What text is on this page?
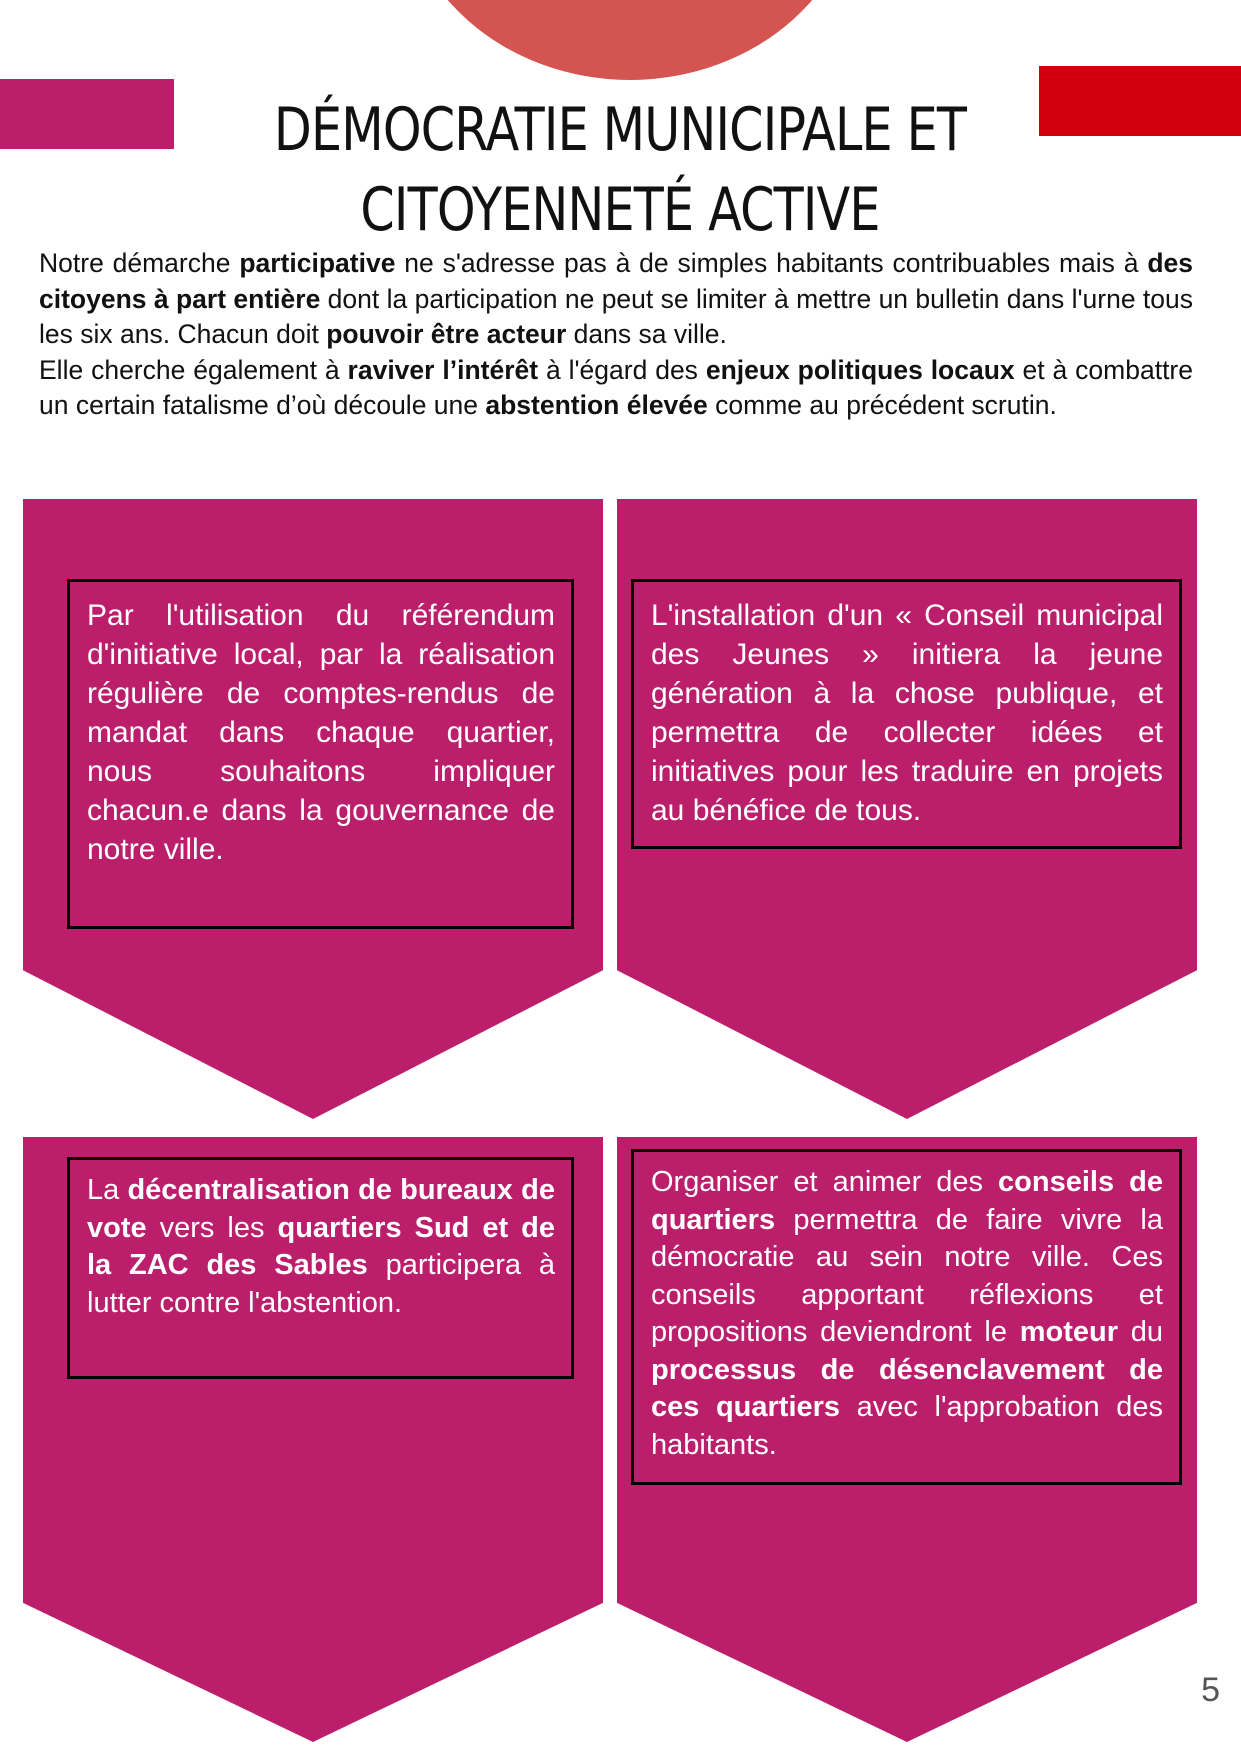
DÉMOCRATIE MUNICIPALE ET
CITOYENNETÉ ACTIVE

Notre démarche participative ne s'adresse pas à de simples habitants contribuables mais à des citoyens à part entière dont la participation ne peut se limiter à mettre un bulletin dans l'urne tous les six ans. Chacun doit pouvoir être acteur dans sa ville.

Elle cherche également à raviver l’intérêt à l'égard des enjeux politiques locaux et à combattre un certain fatalisme d’où découle une abstention élevée comme au précédent scrutin.

Par l'utilisation du référendum d'initiative local, par la réalisation régulière de comptes-rendus de mandat dans chaque quartier, nous souhaitons impliquer chacun.e dans la gouvernance de notre ville.
L'installation d'un « Conseil municipal des Jeunes » initiera la jeune génération à la chose publique, et permettra de collecter idées et initiatives pour les traduire en projets au bénéfice de tous.
La décentralisation de bureaux de vote vers les quartiers Sud et de la ZAC des Sables participera à lutter contre l'abstention.
Organiser et animer des conseils de quartiers permettra de faire vivre la démocratie au sein notre ville. Ces conseils apportant réflexions et propositions deviendront le moteur du processus de désenclavement de ces quartiers avec l'approbation des habitants.
5
